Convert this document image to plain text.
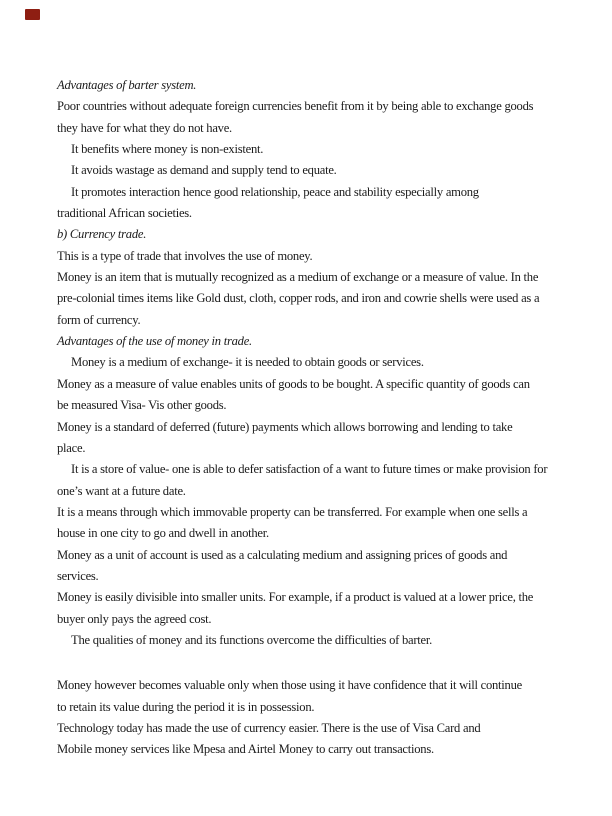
Advantages of barter system.
Poor countries without adequate foreign currencies benefit from it by being able to exchange goods
they have for what they do not have.
It benefits where money is non-existent.
It avoids wastage as demand and supply tend to equate.
It promotes interaction hence good relationship, peace and stability especially among
traditional African societies.
b) Currency trade.
This is a type of trade that involves the use of money.
Money is an item that is mutually recognized as a medium of exchange or a measure of value. In the
pre-colonial times items like Gold dust, cloth, copper rods, and iron and cowrie shells were used as a
form of currency.
Advantages of the use of money in trade.
Money is a medium of exchange- it is needed to obtain goods or services.
Money as a measure of value enables units of goods to be bought. A specific quantity of goods can
be measured Visa- Vis other goods.
Money is a standard of deferred (future) payments which allows borrowing and lending to take
place.
It is a store of value- one is able to defer satisfaction of a want to future times or make provision for
one’s want at a future date.
It is a means through which immovable property can be transferred. For example when one sells a
house in one city to go and dwell in another.
Money as a unit of account is used as a calculating medium and assigning prices of goods and
services.
Money is easily divisible into smaller units. For example, if a product is valued at a lower price, the
buyer only pays the agreed cost.
The qualities of money and its functions overcome the difficulties of barter.
Money however becomes valuable only when those using it have confidence that it will continue
to retain its value during the period it is in possession.
Technology today has made the use of currency easier. There is the use of Visa Card and
Mobile money services like Mpesa and Airtel Money to carry out transactions.
